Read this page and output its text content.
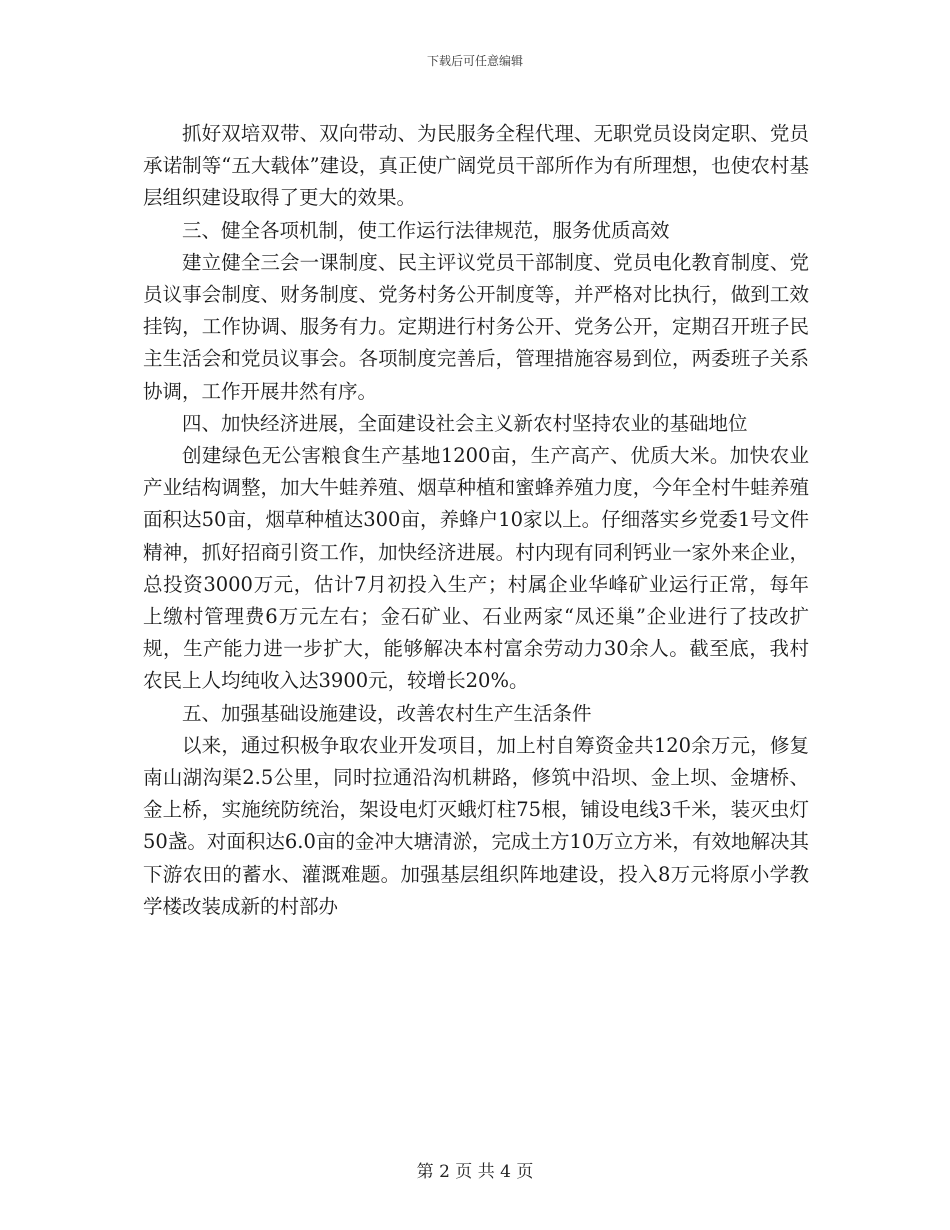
下载后可任意编辑

抓好双培双带、双向带动、为民服务全程代理、无职党员设岗定职、党员承诺制等“五大载体”建设，真正使广阔党员干部所作为有所理想，也使农村基层组织建设取得了更大的效果。

三、健全各项机制，使工作运行法律规范，服务优质高效

建立健全三会一课制度、民主评议党员干部制度、党员电化教育制度、党员议事会制度、财务制度、党务村务公开制度等，并严格对比执行，做到工效挂钩，工作协调、服务有力。定期进行村务公开、党务公开，定期召开班子民主生活会和党员议事会。各项制度完善后，管理措施容易到位，两委班子关系协调，工作开展井然有序。

四、加快经济进展，全面建设社会主义新农村坚持农业的基础地位

创建绿色无公害粮食生产基地1200亩，生产高产、优质大米。加快农业产业结构调整，加大牛蛙养殖、烟草种植和蜜蜂养殖力度，今年全村牛蛙养殖面积达50亩，烟草种植达300亩，养蜂户10家以上。仔细落实乡党委1号文件精神，抓好招商引资工作，加快经济进展。村内现有同利钙业一家外来企业，总投资3000万元，估计7月初投入生产；村属企业华峰矿业运行正常，每年上缴村管理费6万元左右；金石矿业、石业两家“凤还巢”企业进行了技改扩规，生产能力进一步扩大，能够解决本村富余劳动力30余人。截至底，我村农民上人均纯收入达3900元，较增长20%。

五、加强基础设施建设，改善农村生产生活条件

以来，通过积极争取农业开发项目，加上村自筹资金共120余万元，修复南山湖沟渠2.5公里，同时拉通沿沟机耕路，修筑中沿坝、金上坝、金塘桥、金上桥，实施统防统治，架设电灯灭蛾灯柱75根，铺设电线3千米，装灭虫灯50盏。对面积达6.0亩的金冲大塘清淤，完成土方10万立方米，有效地解决其下游农田的蓄水、灌溉难题。加强基层组织阵地建设，投入8万元将原小学教学楼改装成新的村部办

第 2 页 共 4 页
